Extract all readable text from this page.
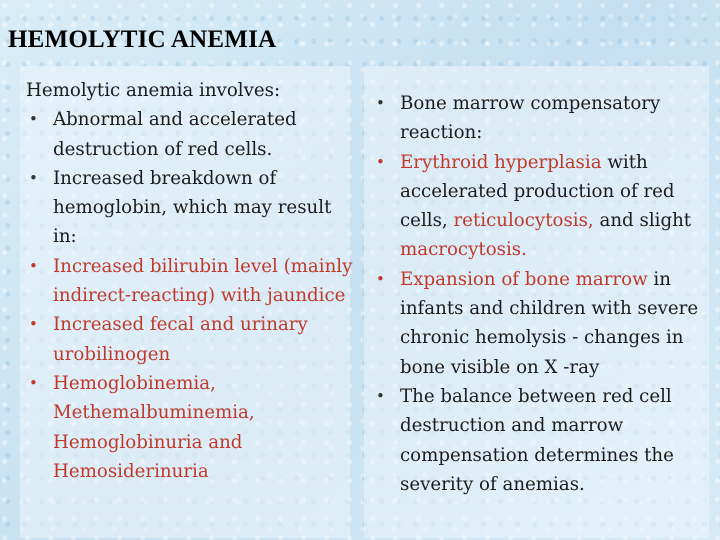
HEMOLYTIC ANEMIA
Hemolytic anemia involves:
• Abnormal and accelerated destruction of red cells.
• Increased breakdown of hemoglobin, which may result in:
• Increased bilirubin level (mainly indirect-reacting) with jaundice
• Increased fecal and urinary urobilinogen
• Hemoglobinemia, Methemalbuminemia, Hemoglobinuria and Hemosiderinuria
• Bone marrow compensatory reaction:
• Erythroid hyperplasia with accelerated production of red cells, reticulocytosis, and slight macrocytosis.
• Expansion of bone marrow in infants and children with severe chronic hemolysis - changes in bone visible on X -ray
• The balance between red cell destruction and marrow compensation determines the severity of anemias.
